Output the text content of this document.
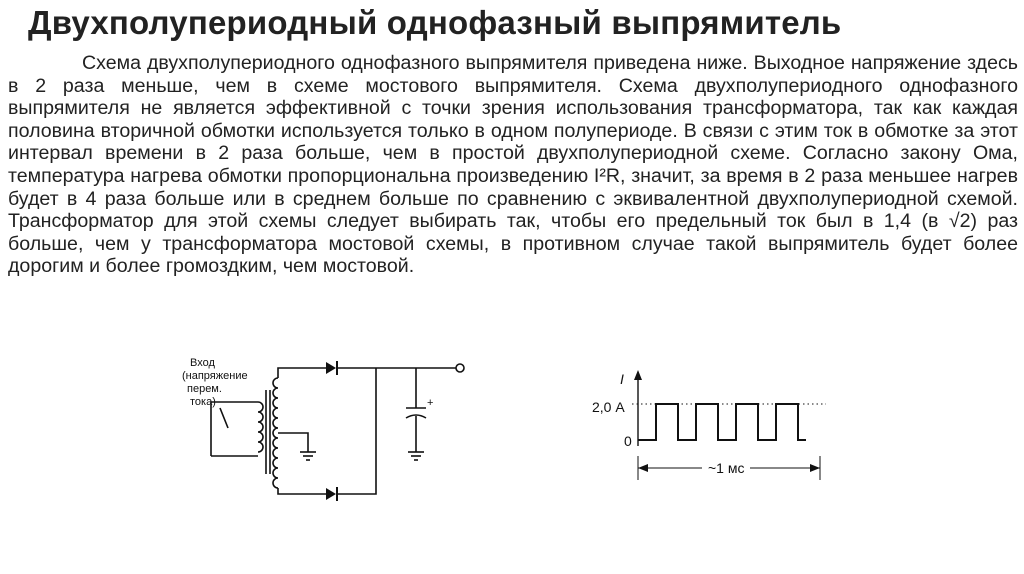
Двухполупериодный однофазный выпрямитель

Схема двухполупериодного однофазного выпрямителя приведена ниже. Выходное напряжение здесь в 2 раза меньше, чем в схеме мостового выпрямителя. Схема двухполупериодного однофазного выпрямителя не является эффективной с точки зрения использования трансформатора, так как каждая половина вторичной обмотки используется только в одном полупериоде. В связи с этим ток в обмотке за этот интервал времени в 2 раза больше, чем в простой двухполупериодной схеме. Согласно закону Ома, температура нагрева обмотки пропорциональна произведению I²R, значит, за время в 2 раза меньшее нагрев будет в 4 раза больше или в среднем больше по сравнению с эквивалентной двухполупериодной схемой. Трансформатор для этой схемы следует выбирать так, чтобы его предельный ток был в 1,4 (в √2) раз больше, чем у трансформатора мостовой схемы, в противном случае такой выпрямитель будет более дорогим и более громоздким, чем мостовой.

Вход
(напряжение
перем.
тока)	+
I
2,0 А
0
~1 мс
